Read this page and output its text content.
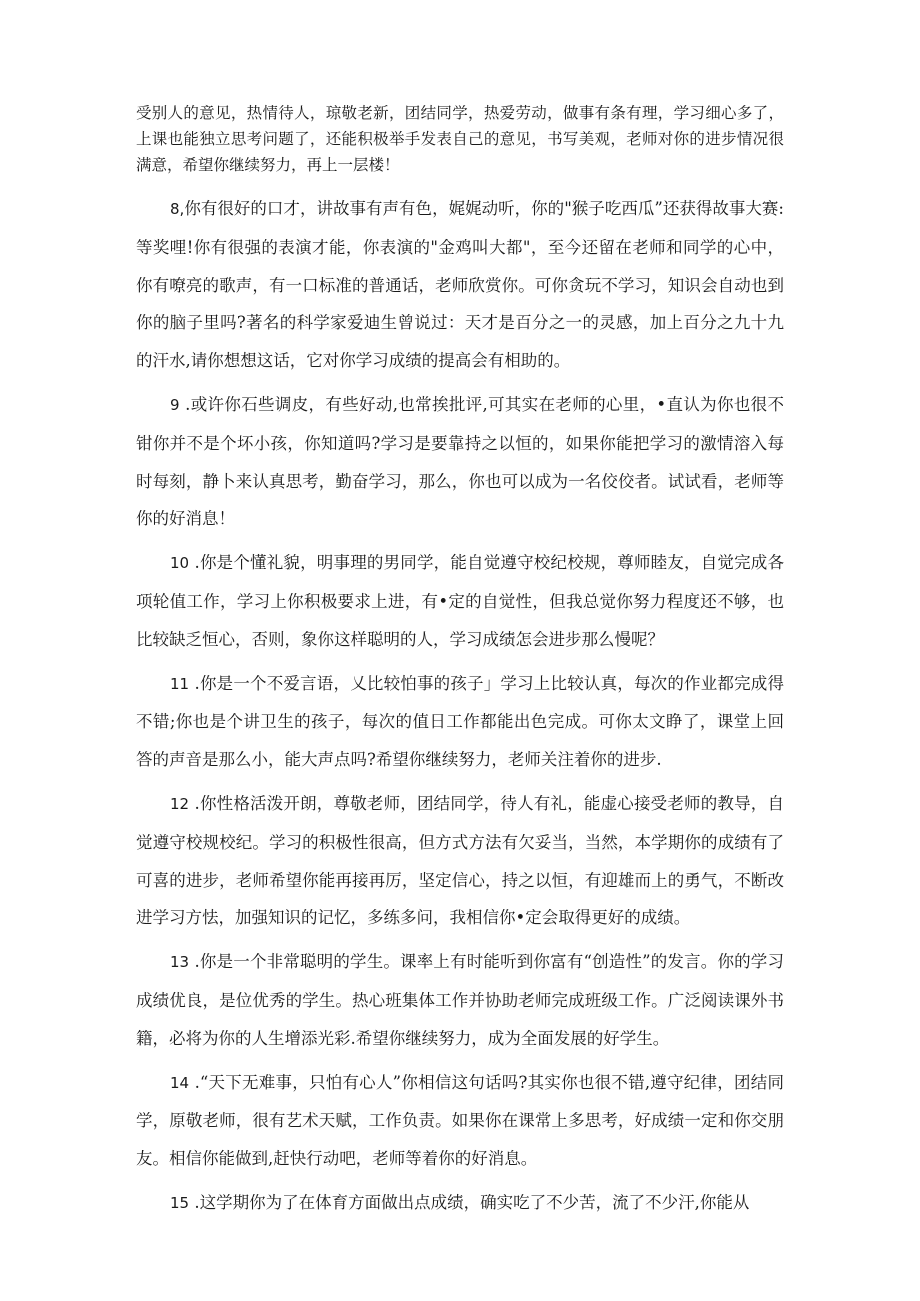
受别人的意见，热情待人，琼敬老新，团结同学，热爱劳动，做事有条有理，学习细心多了，上课也能独立思考问题了，还能积极举手发表自己的意见，书写美观，老师对你的进步情况很满意，希望你继续努力，再上一层楼！

8,你有很好的口才，讲故事有声有色，娓娓动听，你的"猴子吃西瓜”还获得故事大赛:等奖哩!你有很强的表演才能，你表演的"金鸡叫大都"，至今还留在老师和同学的心中，你有嘹亮的歌声，有一口标准的普通话，老师欣赏你。可你贪玩不学习，知识会自动也到你的脑子里吗?著名的科学家爱迪生曾说过：天才是百分之一的灵感，加上百分之九十九的汗水,请你想想这话，它对你学习成绩的提高会有相助的。

9 .或许你石些调皮，有些好动,也常挨批评,可其实在老师的心里，•直认为你也很不钳你并不是个坏小孩，你知道吗?学习是要靠持之以恒的，如果你能把学习的激情溶入每时每刻，静卜来认真思考，勤奋学习，那么，你也可以成为一名佼佼者。试试看，老师等你的好消息！

10 .你是个懂礼貌，明事理的男同学，能自觉遵守校纪校规，尊师睦友，自觉完成各项轮值工作，学习上你积极要求上进，有•定的自觉性，但我总觉你努力程度还不够，也比较缺乏恒心，否则，象你这样聪明的人，学习成绩怎会进步那么慢呢？

11 .你是一个不爱言语，乂比较怕事的孩子」学习上比较认真，每次的作业都完成得不错;你也是个讲卫生的孩子，每次的值日工作都能出色完成。可你太文睁了，课堂上回答的声音是那么小，能大声点吗?希望你继续努力，老师关注着你的进步.

12 .你性格活泼开朗，尊敬老师，团结同学，待人有礼，能虚心接受老师的教导，自觉遵守校规校纪。学习的积极性很高，但方式方法有欠妥当，当然，本学期你的成绩有了可喜的进步，老师希望你能再接再厉，坚定信心，持之以恒，有迎雄而上的勇气，不断改进学习方怯，加强知识的记忆，多练多问，我相信你•定会取得更好的成绩。

13 .你是一个非常聪明的学生。课率上有时能听到你富有“创造性”的发言。你的学习成绩优良，是位优秀的学生。热心班集体工作并协助老师完成班级工作。广泛阅读课外书籍，必将为你的人生增添光彩.希望你继续努力，成为全面发展的好学生。

14 .“天下无难事，只怕有心人”你相信这句话吗?其实你也很不错,遵守纪律，团结同学，原敬老师，很有艺术天赋，工作负责。如果你在课常上多思考，好成绩一定和你交朋友。相信你能做到,赶快行动吧，老师等着你的好消息。

15 .这学期你为了在体育方面做出点成绩，确实吃了不少苦，流了不少汗,你能从
